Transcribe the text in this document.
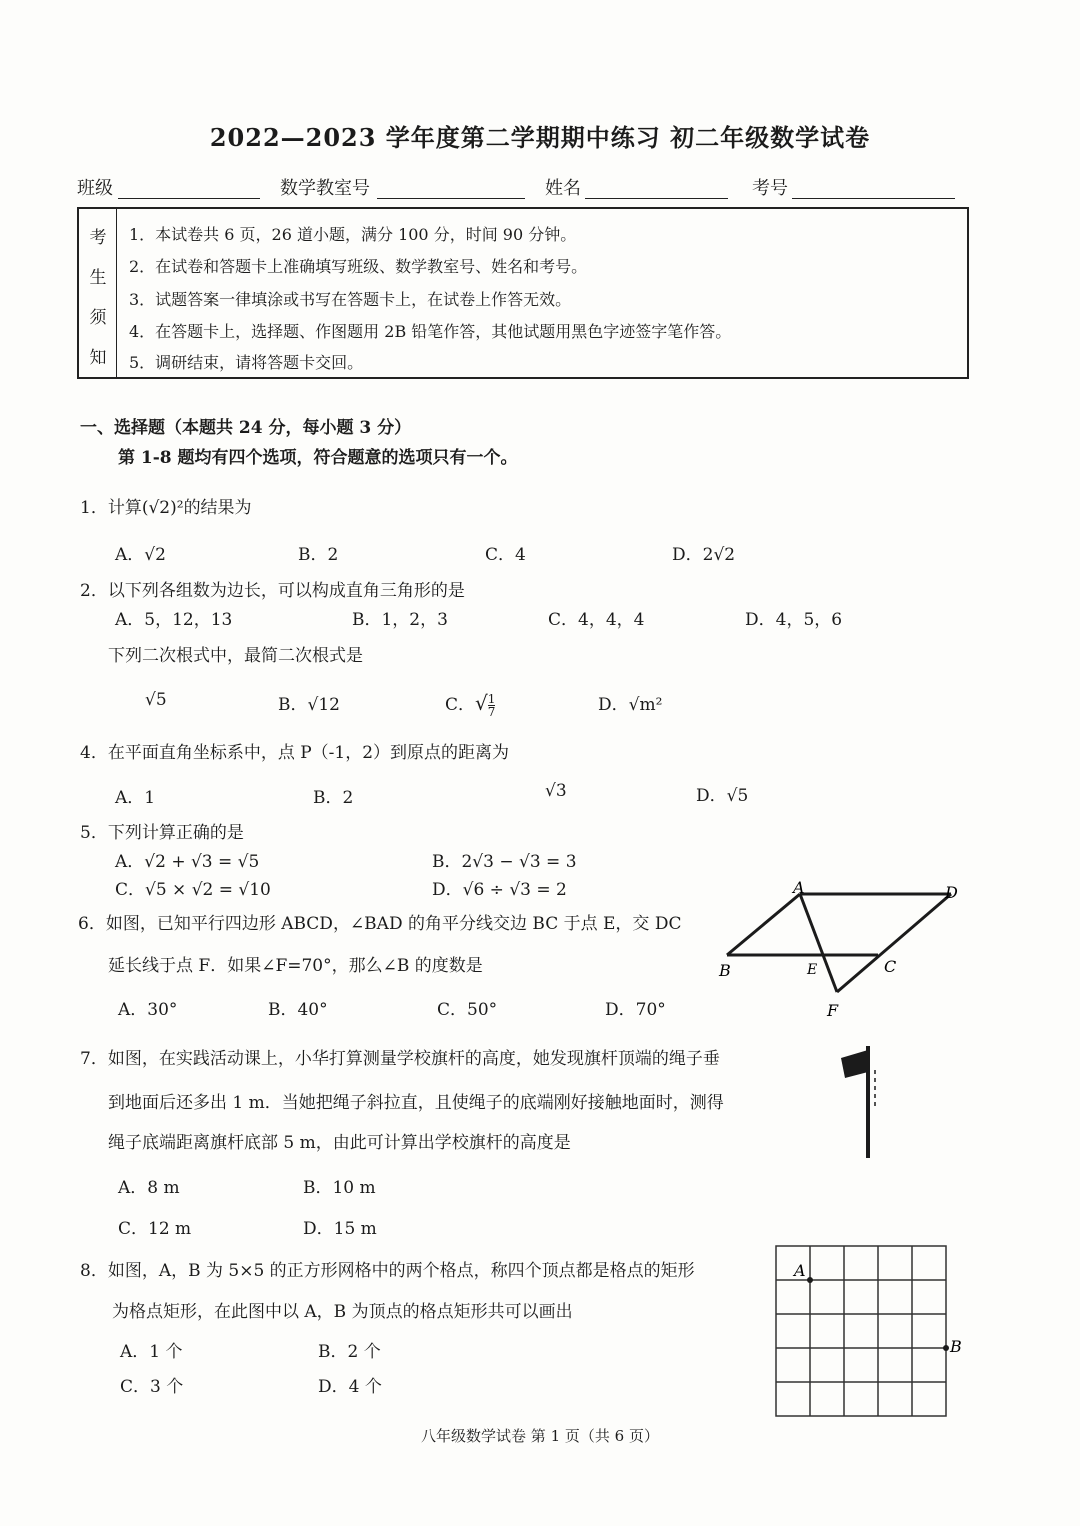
2022—2023 学年度第二学期期中练习 初二年级数学试卷
班级	数学教室号	姓名	考号
考
生
须
知
1．本试卷共 6 页，26 道小题，满分 100 分，时间 90 分钟。
2．在试卷和答题卡上准确填写班级、数学教室号、姓名和考号。
3．试题答案一律填涂或书写在答题卡上，在试卷上作答无效。
4．在答题卡上，选择题、作图题用 2B 铅笔作答，其他试题用黑色字迹签字笔作答。
5．调研结束，请将答题卡交回。
一、选择题（本题共 24 分，每小题 3 分）
第 1-8 题均有四个选项，符合题意的选项只有一个。
1．计算(√2)²的结果为
A．√2	B．2	C．4	D．2√2
2．以下列各组数为边长，可以构成直角三角形的是
A．5，12，13	B．1，2，3	C．4，4，4	D．4，5，6
下列二次根式中，最简二次根式是
√5	B．√12	C．√ $\frac{1}{7}$	D．√m²
4．在平面直角坐标系中，点 P（-1，2）到原点的距离为
A．1	B．2	√3	D．√5
5．下列计算正确的是
A．√2 + √3 = √5	B．2√3 − √3 = 3
C．√5 × √2 = √10	D．√6 ÷ √3 = 2
6．如图，已知平行四边形 ABCD，∠BAD 的角平分线交边 BC 于点 E，交 DC
延长线于点 F．如果∠F=70°，那么∠B 的度数是
A．30°	B．40°	C．50°	D．70°
A	D
B	C
E
F
7．如图，在实践活动课上，小华打算测量学校旗杆的高度，她发现旗杆顶端的绳子垂
到地面后还多出 1 m．当她把绳子斜拉直，且使绳子的底端刚好接触地面时，测得
绳子底端距离旗杆底部 5 m，由此可计算出学校旗杆的高度是
A．8 m	B．10 m
C．12 m	D．15 m
8．如图，A，B 为 5×5 的正方形网格中的两个格点，称四个顶点都是格点的矩形
为格点矩形，在此图中以 A，B 为顶点的格点矩形共可以画出
A．1 个	B．2 个
C．3 个	D．4 个
A
B
八年级数学试卷 第 1 页（共 6 页）
